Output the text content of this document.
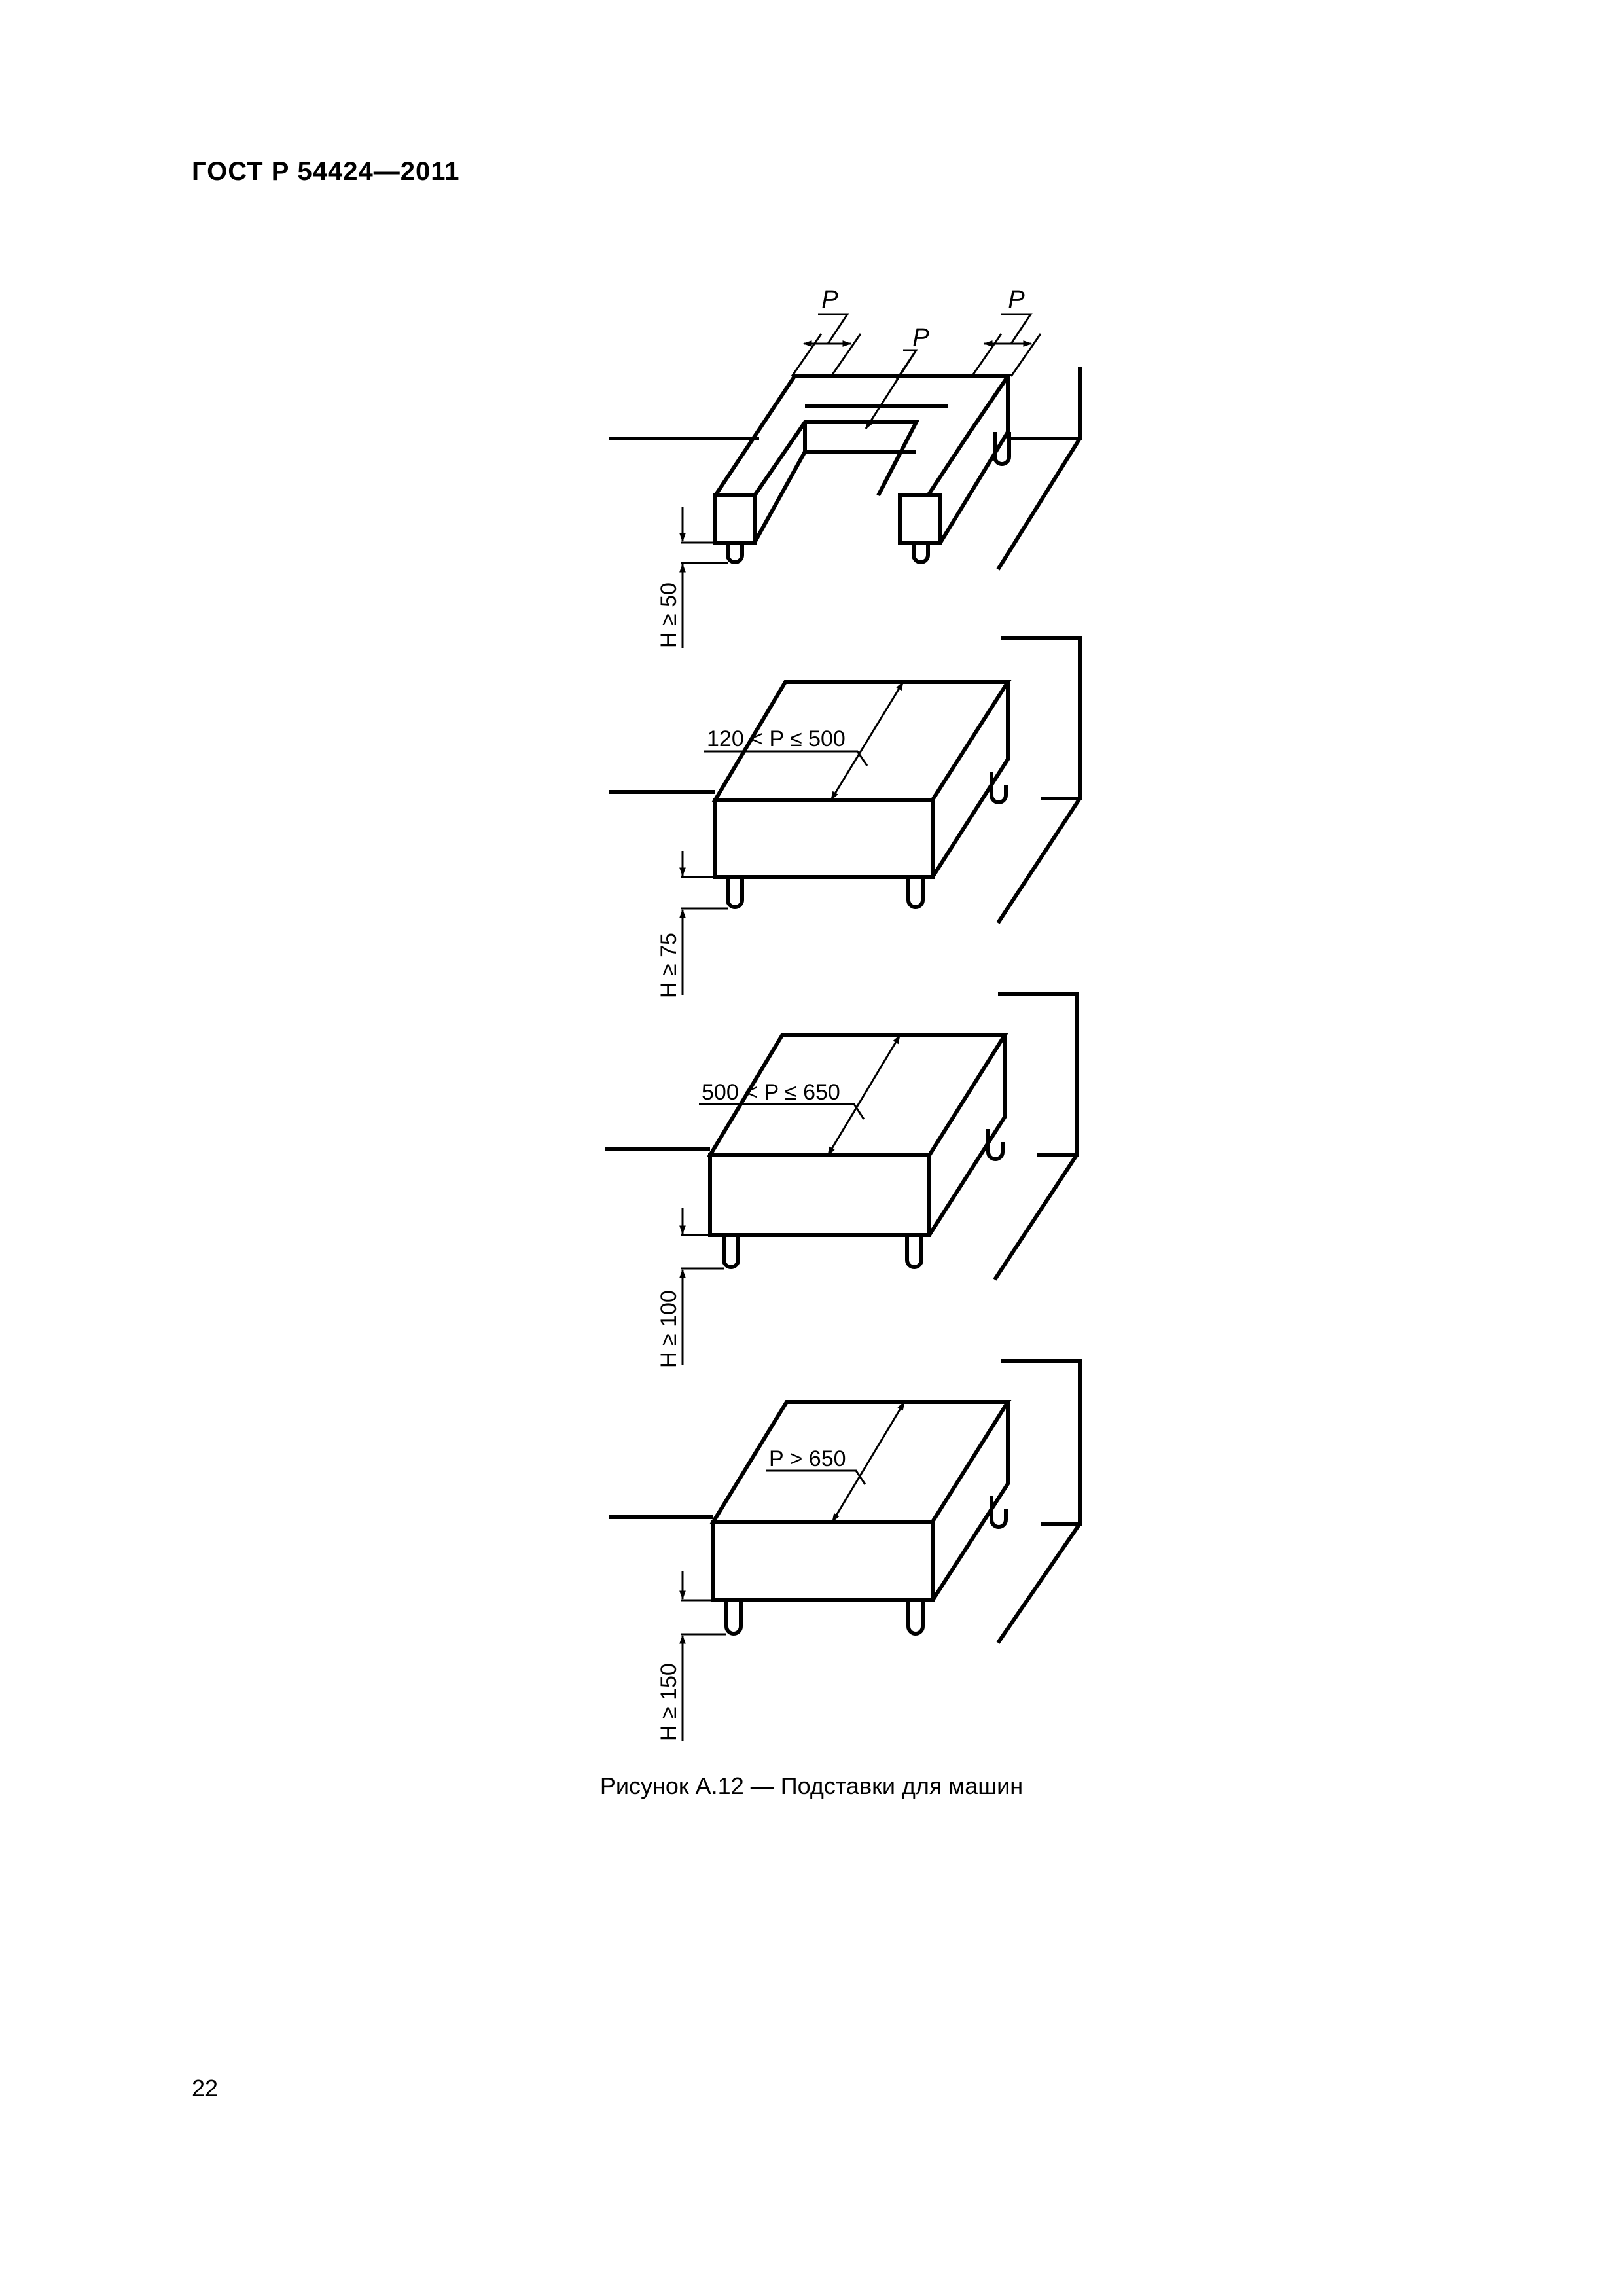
ГОСТ Р 54424—2011
P
P
P
H ≥ 50
120 < P ≤ 500
H ≥ 75
500 < P ≤ 650
H ≥ 100
P > 650
H ≥ 150
Рисунок А.12 — Подставки для машин
22
